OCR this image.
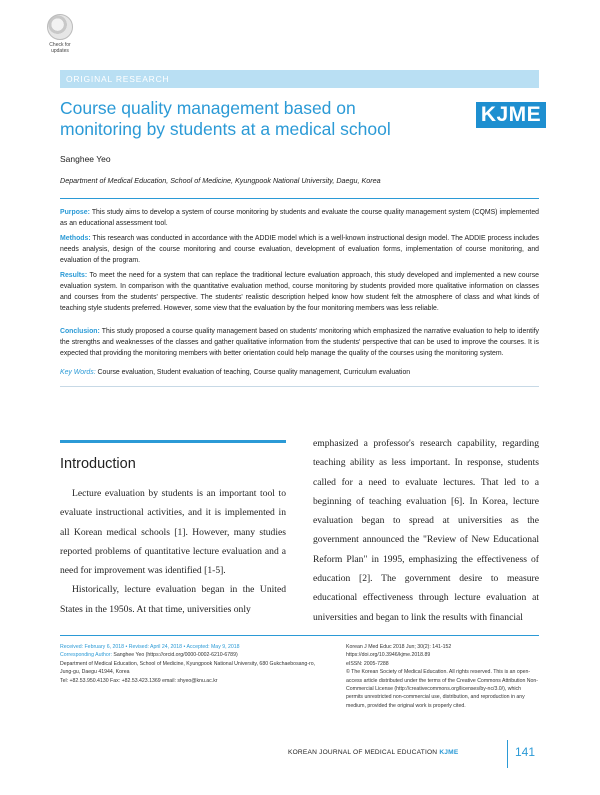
Check for
updates
ORIGINAL RESEARCH
Course quality management based on monitoring by students at a medical school
KJME
Sanghee Yeo
Department of Medical Education, School of Medicine, Kyungpook National University, Daegu, Korea
Purpose: This study aims to develop a system of course monitoring by students and evaluate the course quality management system (CQMS) implemented as an educational assessment tool.
Methods: This research was conducted in accordance with the ADDIE model which is a well-known instructional design model. The ADDIE process includes needs analysis, design of the course monitoring and course evaluation, development of evaluation forms, implementation of course monitoring, and evaluation of the program.
Results: To meet the need for a system that can replace the traditional lecture evaluation approach, this study developed and implemented a new course evaluation system. In comparison with the quantitative evaluation method, course monitoring by students provided more qualitative information on classes and courses from the students' perspective. The students' realistic description helped know how student felt the atmosphere of class and what kinds of teaching style students preferred. However, some view that the evaluation by the four monitoring members was less reliable.
Conclusion: This study proposed a course quality management based on students' monitoring which emphasized the narrative evaluation to help to identify the strengths and weaknesses of the classes and gather qualitative information from the students' perspective that can be used to improve the courses. It is expected that providing the monitoring members with better orientation could help manage the quality of the courses using the monitoring system.
Key Words: Course evaluation, Student evaluation of teaching, Course quality management, Curriculum evaluation
Introduction

Lecture evaluation by students is an important tool to evaluate instructional activities, and it is implemented in all Korean medical schools [1]. However, many studies reported problems of quantitative lecture evaluation and a need for improvement was identified [1-5].

Historically, lecture evaluation began in the United States in the 1950s. At that time, universities only

emphasized a professor's research capability, regarding teaching ability as less important. In response, students called for a need to evaluate lectures. That led to a beginning of teaching evaluation [6]. In Korea, lecture evaluation began to spread at universities as the government announced the "Review of New Educational Reform Plan" in 1995, emphasizing the effectiveness of education [2]. The government desire to measure educational effectiveness through lecture evaluation at universities and began to link the results with financial

Received: February 6, 2018 • Revised: April 24, 2018 • Accepted: May 9, 2018
Corresponding Author: Sanghee Yeo (https://orcid.org/0000-0002-6210-6789)
Department of Medical Education, School of Medicine, Kyungpook National University, 680 Gukchaebosang-ro, Jung-gu, Daegu 41944, Korea
Tel: +82.53.950.4130 Fax: +82.53.423.1369 email: shyeo@knu.ac.kr
Korean J Med Educ 2018 Jun; 30(2): 141-152
https://doi.org/10.3946/kjme.2018.89
eISSN: 2005-7288
© The Korean Society of Medical Education. All rights reserved. This is an open-access article distributed under the terms of the Creative Commons Attribution Non-Commercial License (http://creativecommons.org/licenses/by-nc/3.0/), which permits unrestricted non-commercial use, distribution, and reproduction in any medium, provided the original work is properly cited.
KOREAN JOURNAL OF MEDICAL EDUCATION KJME	141
